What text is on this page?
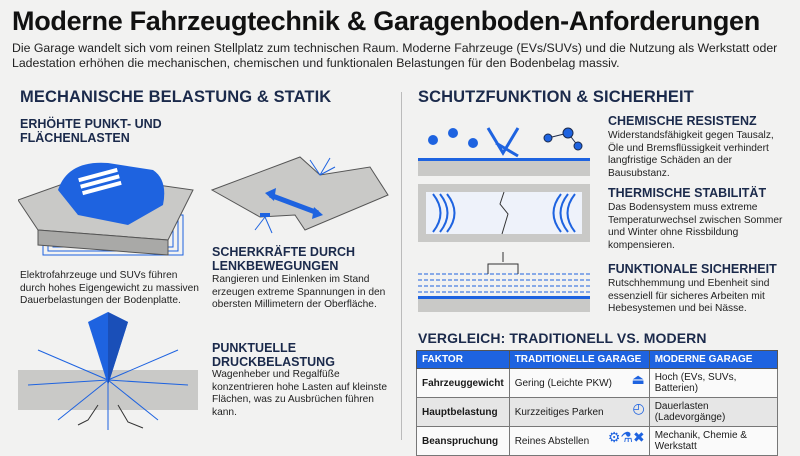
Moderne Fahrzeugtechnik & Garagenboden-Anforderungen
Die Garage wandelt sich vom reinen Stellplatz zum technischen Raum. Moderne Fahrzeuge (EVs/SUVs) und die Nutzung als Werkstatt oder Ladestation erhöhen die mechanischen, chemischen und funktionalen Belastungen für den Bodenbelag massiv.
MECHANISCHE BELASTUNG & STATIK	SCHUTZFUNKTION & SICHERHEIT
ERHÖHTE PUNKT- UND FLÄCHENLASTEN
Elektrofahrzeuge und SUVs führen durch hohes Eigengewicht zu massiven Dauerbelastungen der Bodenplatte.
SCHERKRÄFTE DURCH LENKBEWEGUNGEN
Rangieren und Einlenken im Stand erzeugen extreme Spannungen in den obersten Millimetern der Oberfläche.
PUNKTUELLE DRUCKBELASTUNG
Wagenheber und Regalfüße konzentrieren hohe Lasten auf kleinste Flächen, was zu Ausbrüchen führen kann.
CHEMISCHE RESISTENZ
Widerstandsfähigkeit gegen Tausalz, Öle und Bremsflüssigkeit verhindert langfristige Schäden an der Bausubstanz.
THERMISCHE STABILITÄT
Das Bodensystem muss extreme Temperaturwechsel zwischen Sommer und Winter ohne Rissbildung kompensieren.
FUNKTIONALE SICHERHEIT
Rutschhemmung und Ebenheit sind essenziell für sicheres Arbeiten mit Hebesystemen und bei Nässe.
VERGLEICH: TRADITIONELL VS. MODERN
FAKTOR	TRADITIONELLE GARAGE	MODERNE GARAGE
Fahrzeuggewicht	Gering (Leichte PKW) ⏏	Hoch (EVs, SUVs, Batterien)
Hauptbelastung	Kurzzeitiges Parken ◴	Dauerlasten (Ladevorgänge)
Beanspruchung	Reines Abstellen ⚙⚗✖	Mechanik, Chemie & Werkstatt
